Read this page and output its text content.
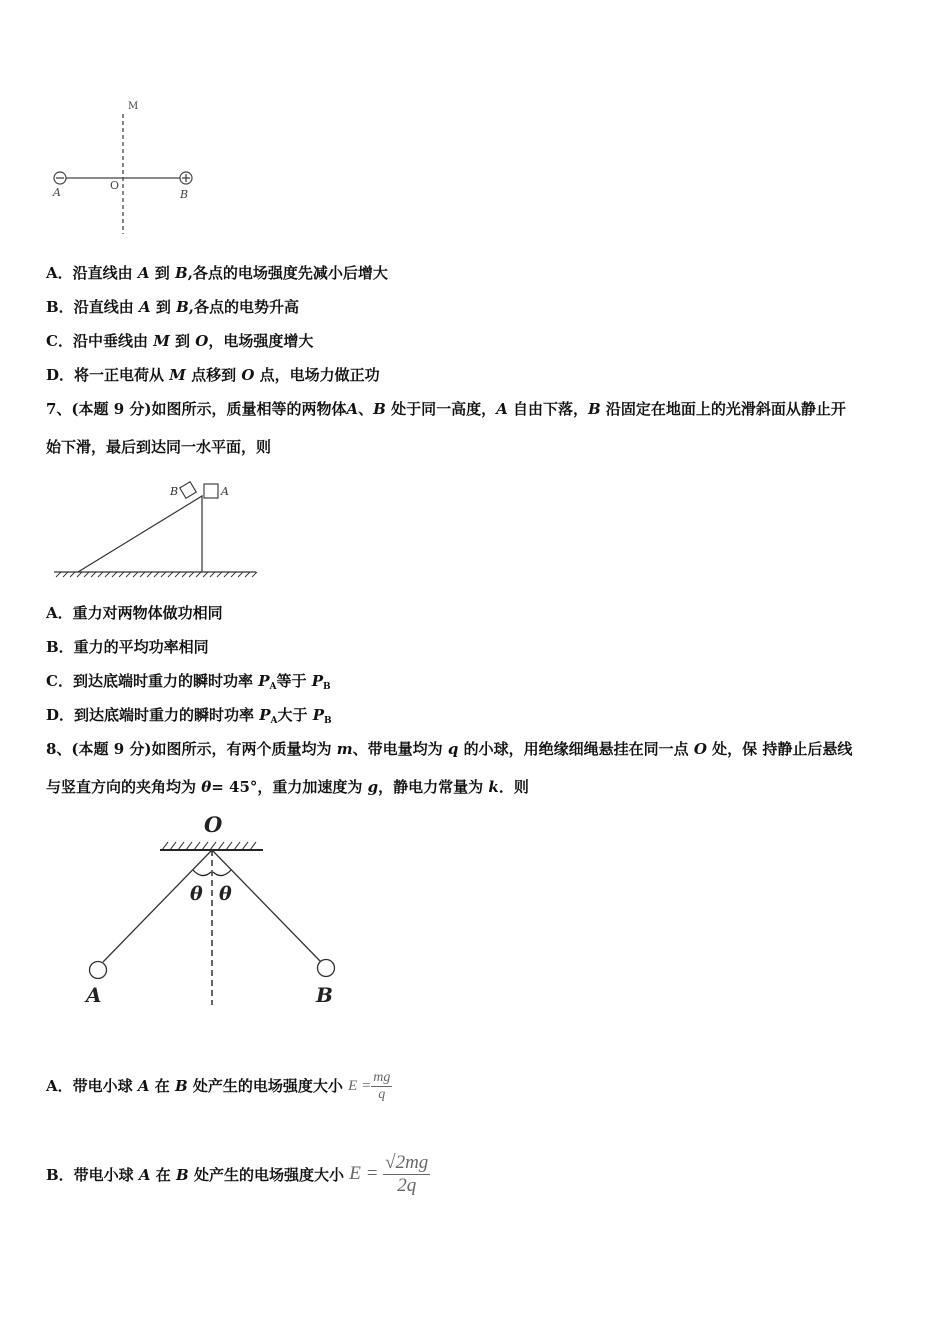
M
O
A	B
A．沿直线由 A 到 B,各点的电场强度先减小后增大
B．沿直线由 A 到 B,各点的电势升高
C．沿中垂线由 M 到 O，电场强度增大
D．将一正电荷从 M 点移到 O 点，电场力做正功
7、(本题 9 分)如图所示，质量相等的两物体A、B 处于同一高度，A 自由下落，B 沿固定在地面上的光滑斜面从静止开
始下滑，最后到达同一水平面，则
B	A
A．重力对两物体做功相同
B．重力的平均功率相同
C．到达底端时重力的瞬时功率 $P_A$等于 $P_B$
D．到达底端时重力的瞬时功率 $P_A$大于 $P_B$
8、(本题 9 分)如图所示，有两个质量均为 m、带电量均为 q 的小球，用绝缘细绳悬挂在同一点 O 处，保 持静止后悬线
与竖直方向的夹角均为 θ= 45°，重力加速度为 g，静电力常量为 k．则
O
θ θ
A	B
A．带电小球 A 在 B 处产生的电场强度大小 $E = \frac{mg}{q}$
B．带电小球 A 在 B 处产生的电场强度大小 $E = \frac{√2mg}{2q}$
